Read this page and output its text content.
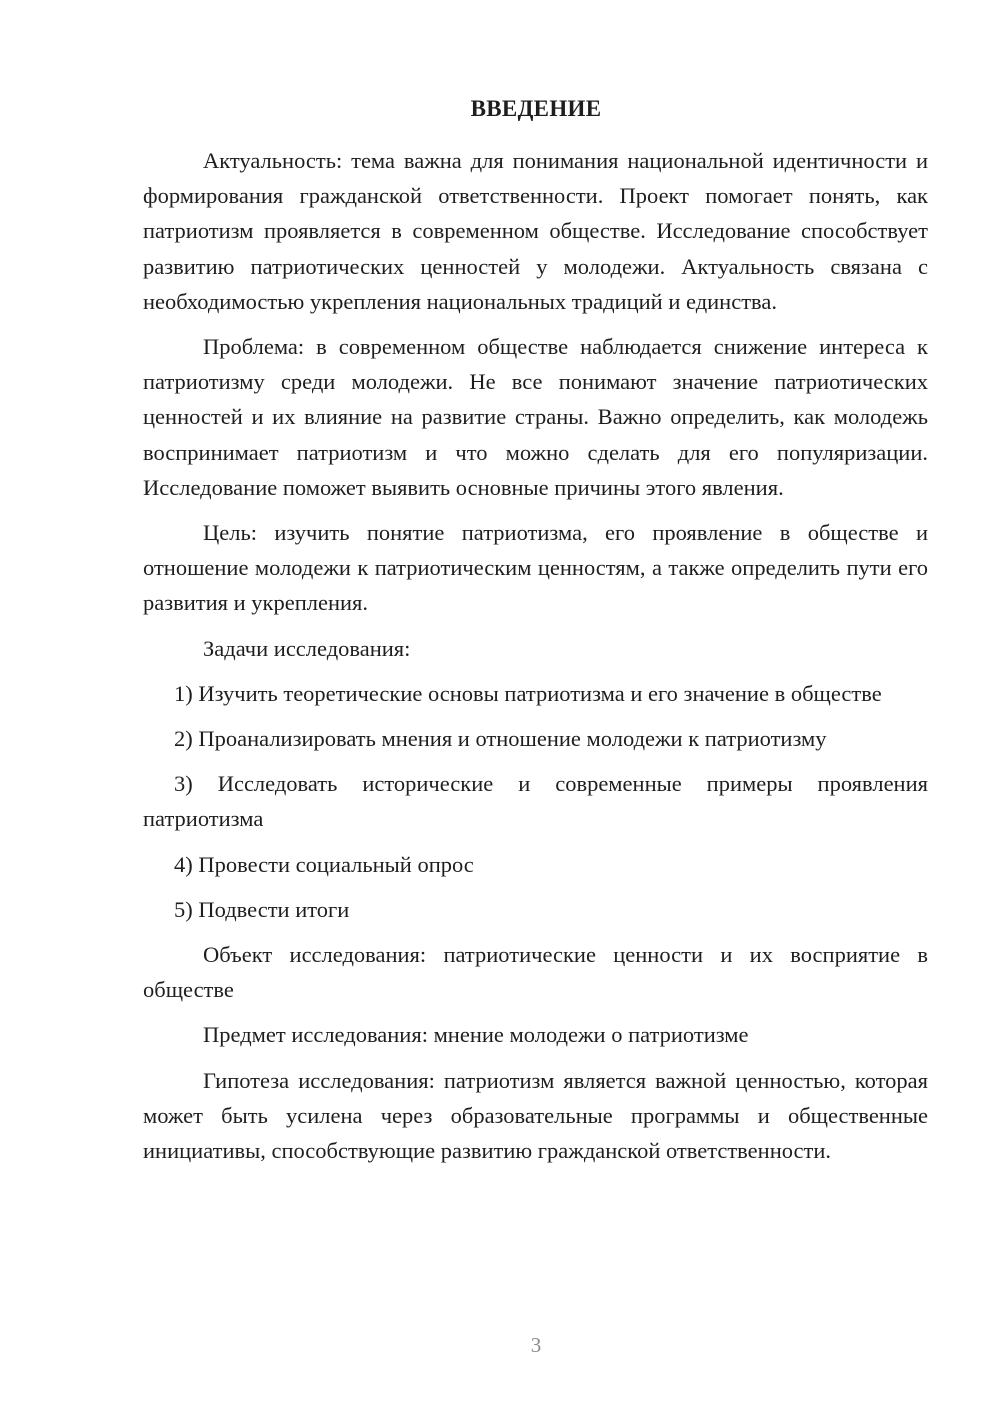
ВВЕДЕНИЕ

Актуальность: тема важна для понимания национальной идентичности и формирования гражданской ответственности. Проект помогает понять, как патриотизм проявляется в современном обществе. Исследование способствует развитию патриотических ценностей у молодежи. Актуальность связана с необходимостью укрепления национальных традиций и единства.

Проблема: в современном обществе наблюдается снижение интереса к патриотизму среди молодежи. Не все понимают значение патриотических ценностей и их влияние на развитие страны. Важно определить, как молодежь воспринимает патриотизм и что можно сделать для его популяризации. Исследование поможет выявить основные причины этого явления.

Цель: изучить понятие патриотизма, его проявление в обществе и отношение молодежи к патриотическим ценностям, а также определить пути его развития и укрепления.

Задачи исследования:

1) Изучить теоретические основы патриотизма и его значение в обществе

2) Проанализировать мнения и отношение молодежи к патриотизму

3) Исследовать исторические и современные примеры проявления патриотизма

4) Провести социальный опрос

5) Подвести итоги

Объект исследования: патриотические ценности и их восприятие в обществе

Предмет исследования: мнение молодежи о патриотизме

Гипотеза исследования: патриотизм является важной ценностью, которая может быть усилена через образовательные программы и общественные инициативы, способствующие развитию гражданской ответственности.

3
